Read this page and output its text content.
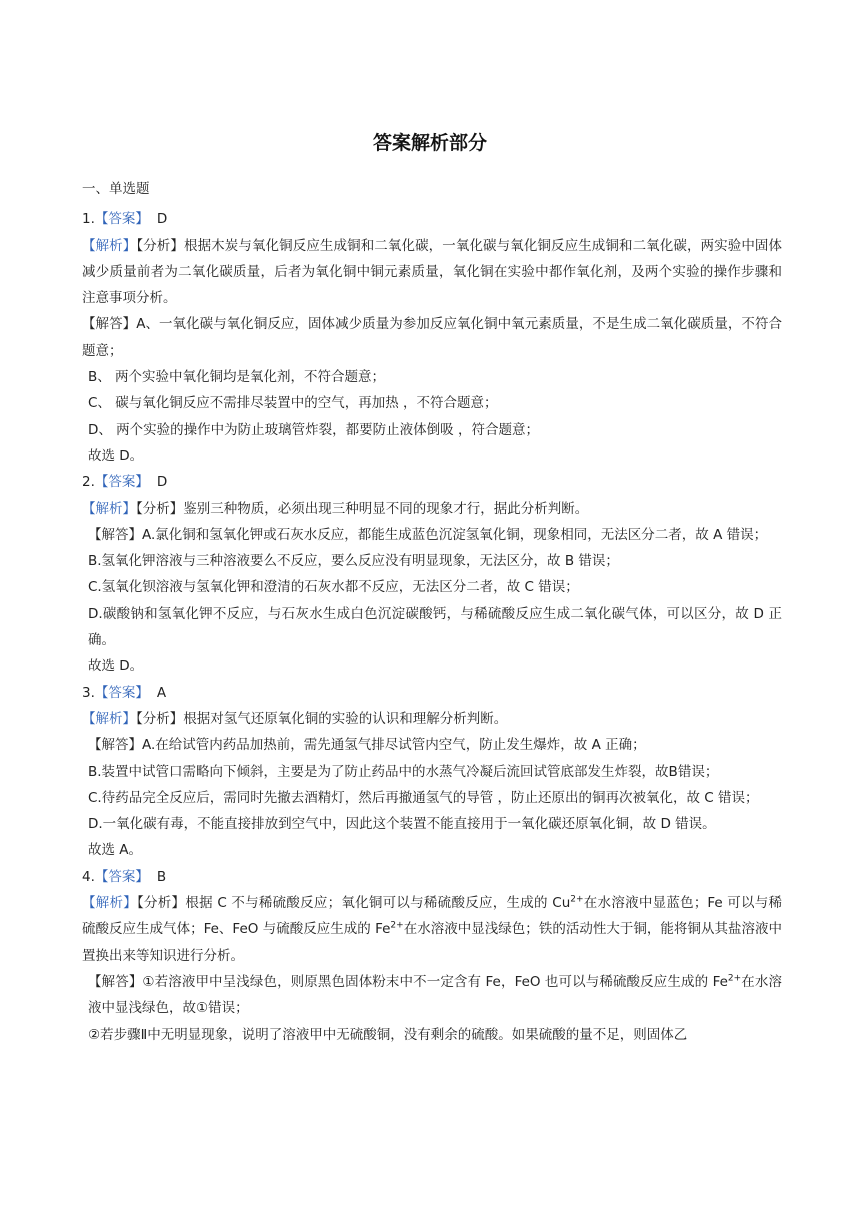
答案解析部分
一、单选题
1.【答案】 D
【解析】【分析】根据木炭与氧化铜反应生成铜和二氧化碳，一氧化碳与氧化铜反应生成铜和二氧化碳，两实验中固体减少质量前者为二氧化碳质量，后者为氧化铜中铜元素质量，氧化铜在实验中都作氧化剂，及两个实验的操作步骤和注意事项分析。
【解答】A、一氧化碳与氧化铜反应，固体减少质量为参加反应氧化铜中氧元素质量，不是生成二氧化碳质量，不符合题意；
B、 两个实验中氧化铜均是氧化剂，不符合题意；
C、 碳与氧化铜反应不需排尽装置中的空气，再加热 ，不符合题意；
D、 两个实验的操作中为防止玻璃管炸裂，都要防止液体倒吸 ，符合题意；
故选 D。
2.【答案】 D
【解析】【分析】鉴别三种物质，必须出现三种明显不同的现象才行，据此分析判断。
【解答】A.氯化铜和氢氧化钾或石灰水反应，都能生成蓝色沉淀氢氧化铜，现象相同，无法区分二者，故 A 错误；
B.氢氧化钾溶液与三种溶液要么不反应，要么反应没有明显现象，无法区分，故 B 错误；
C.氢氧化钡溶液与氢氧化钾和澄清的石灰水都不反应，无法区分二者，故 C 错误；
D.碳酸钠和氢氧化钾不反应，与石灰水生成白色沉淀碳酸钙，与稀硫酸反应生成二氧化碳气体，可以区分，故 D 正确。
故选 D。
3.【答案】 A
【解析】【分析】根据对氢气还原氧化铜的实验的认识和理解分析判断。
【解答】A.在给试管内药品加热前，需先通氢气排尽试管内空气，防止发生爆炸，故 A 正确；
B.装置中试管口需略向下倾斜，主要是为了防止药品中的水蒸气冷凝后流回试管底部发生炸裂，故B错误；
C.待药品完全反应后，需同时先撤去酒精灯，然后再撤通氢气的导管 ，防止还原出的铜再次被氧化，故 C 错误；
D.一氧化碳有毒，不能直接排放到空气中，因此这个装置不能直接用于一氧化碳还原氧化铜，故 D 错误。
故选 A。
4.【答案】 B
【解析】【分析】根据 C 不与稀硫酸反应；氧化铜可以与稀硫酸反应，生成的 $Cu^{2+}$在水溶液中显蓝色；Fe 可以与稀硫酸反应生成气体；Fe、FeO 与硫酸反应生成的 $Fe^{2+}$在水溶液中显浅绿色；铁的活动性大于铜，能将铜从其盐溶液中置换出来等知识进行分析。
【解答】①若溶液甲中呈浅绿色，则原黑色固体粉末中不一定含有 Fe，FeO 也可以与稀硫酸反应生成的 $Fe^{2+}$在水溶液中显浅绿色，故①错误；
②若步骤Ⅱ中无明显现象，说明了溶液甲中无硫酸铜，没有剩余的硫酸。如果硫酸的量不足，则固体乙
